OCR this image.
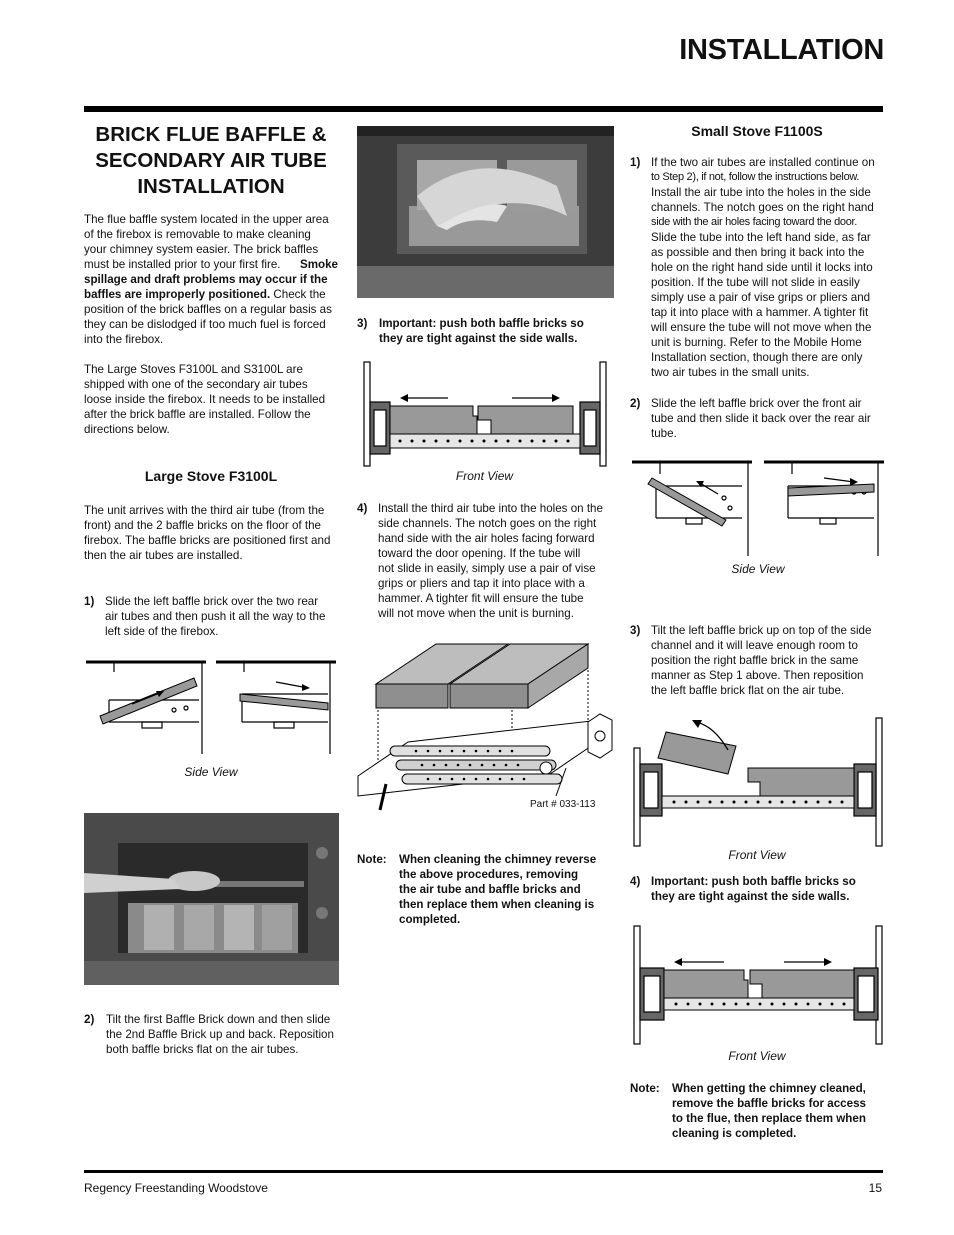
INSTALLATION
BRICK FLUE BAFFLE &
SECONDARY AIR TUBE
INSTALLATION
The flue baffle system located in the upper area
of the firebox is removable to make cleaning
your chimney system easier. The brick baffles
must be installed prior to your first fire. Smoke
spillage and draft problems may occur if the
baffles are improperly positioned. Check the
position of the brick baffles on a regular basis as
they can be dislodged if too much fuel is forced
into the firebox.
The Large Stoves F3100L and S3100L are
shipped with one of the secondary air tubes
loose inside the firebox. It needs to be installed
after the brick baffle are installed. Follow the
directions below.
Large Stove F3100L
The unit arrives with the third air tube (from the
front) and the 2 baffle bricks on the floor of the
firebox. The baffle bricks are positioned first and
then the air tubes are installed.
1) Slide the left baffle brick over the two rear
air tubes and then push it all the way to the
left side of the firebox.
Side View
2) Tilt the first Baffle Brick down and then slide
the 2nd Baffle Brick up and back. Reposition
both baffle bricks flat on the air tubes.
3) Important: push both baffle bricks so
they are tight against the side walls.
Front View
4) Install the third air tube into the holes on the
side channels. The notch goes on the right
hand side with the air holes facing forward
toward the door opening. If the tube will
not slide in easily, simply use a pair of vise
grips or pliers and tap it into place with a
hammer. A tighter fit will ensure the tube
will not move when the unit is burning.
Part # 033-113
Note: When cleaning the chimney reverse
the above procedures, removing
the air tube and baffle bricks and
then replace them when cleaning is
completed.
Small Stove F1100S
1) If the two air tubes are installed continue on
to Step 2), if not, follow the instructions below.
Install the air tube into the holes in the side
channels. The notch goes on the right hand
side with the air holes facing toward the door.
Slide the tube into the left hand side, as far
as possible and then bring it back into the
hole on the right hand side until it locks into
position. If the tube will not slide in easily
simply use a pair of vise grips or pliers and
tap it into place with a hammer. A tighter fit
will ensure the tube will not move when the
unit is burning. Refer to the Mobile Home
Installation section, though there are only
two air tubes in the small units.
2) Slide the left baffle brick over the front air
tube and then slide it back over the rear air
tube.
Side View
3) Tilt the left baffle brick up on top of the side
channel and it will leave enough room to
position the right baffle brick in the same
manner as Step 1 above. Then reposition
the left baffle brick flat on the air tube.
Front View
4) Important: push both baffle bricks so
they are tight against the side walls.
Front View
Note: When getting the chimney cleaned,
remove the baffle bricks for access
to the flue, then replace them when
cleaning is completed.
Regency Freestanding Woodstove	15
